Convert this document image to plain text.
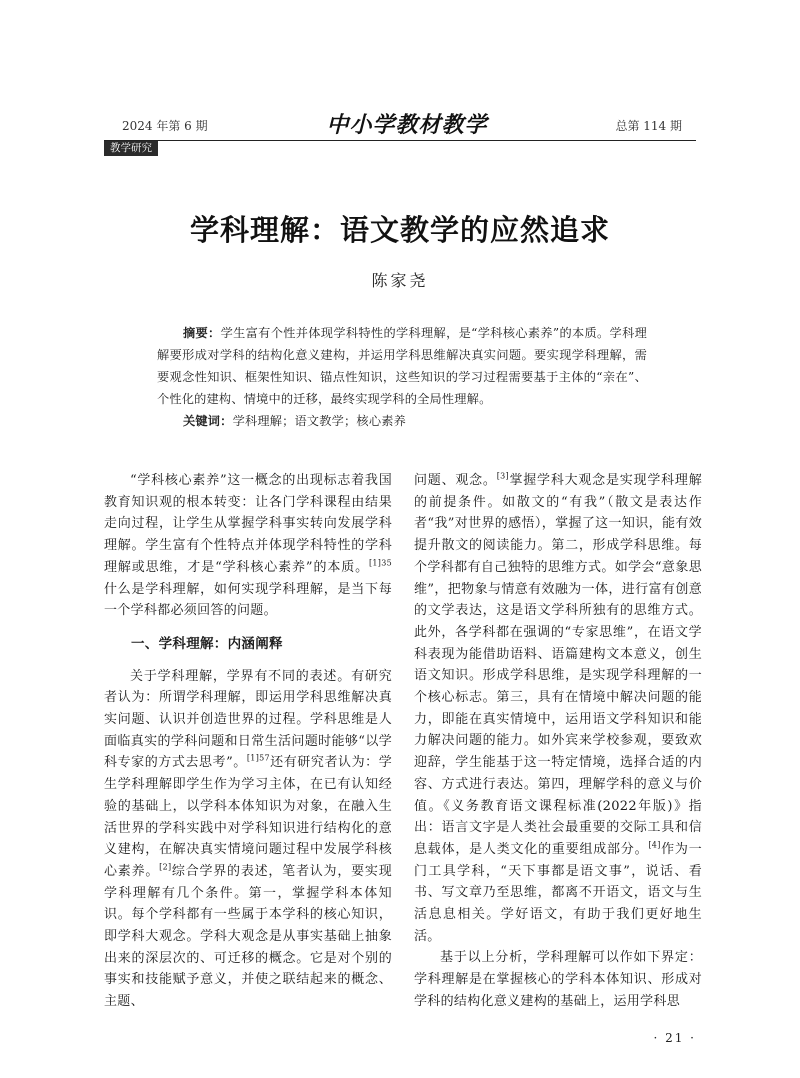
2024 年第 6 期	中小学教材教学	总第 114 期
教学研究
学科理解：语文教学的应然追求
陈家尧

摘要：学生富有个性并体现学科特性的学科理解，是“学科核心素养”的本质。学科理解要形成对学科的结构化意义建构，并运用学科思维解决真实问题。要实现学科理解，需要观念性知识、框架性知识、锚点性知识，这些知识的学习过程需要基于主体的“亲在”、个性化的建构、情境中的迁移，最终实现学科的全局性理解。

关键词：学科理解；语文教学；核心素养

“学科核心素养”这一概念的出现标志着我国教育知识观的根本转变：让各门学科课程由结果走向过程，让学生从掌握学科事实转向发展学科理解。学生富有个性特点并体现学科特性的学科理解或思维，才是“学科核心素养”的本质。$^{[1]35}$什么是学科理解，如何实现学科理解，是当下每一个学科都必须回答的问题。

一、学科理解：内涵阐释

关于学科理解，学界有不同的表述。有研究者认为：所谓学科理解，即运用学科思维解决真实问题、认识并创造世界的过程。学科思维是人面临真实的学科问题和日常生活问题时能够“以学科专家的方式去思考”。$^{[1]57}$还有研究者认为：学生学科理解即学生作为学习主体，在已有认知经验的基础上，以学科本体知识为对象，在融入生活世界的学科实践中对学科知识进行结构化的意义建构，在解决真实情境问题过程中发展学科核心素养。[2]综合学界的表述，笔者认为，要实现学科理解有几个条件。第一，掌握学科本体知识。每个学科都有一些属于本学科的核心知识，即学科大观念。学科大观念是从事实基础上抽象出来的深层次的、可迁移的概念。它是对个别的事实和技能赋予意义，并使之联结起来的概念、主题、

问题、观念。[3]掌握学科大观念是实现学科理解的前提条件。如散文的“有我”（散文是表达作者“我”对世界的感悟），掌握了这一知识，能有效提升散文的阅读能力。第二，形成学科思维。每个学科都有自己独特的思维方式。如学会“意象思维”，把物象与情意有效融为一体，进行富有创意的文学表达，这是语文学科所独有的思维方式。此外，各学科都在强调的“专家思维”，在语文学科表现为能借助语料、语篇建构文本意义，创生语文知识。形成学科思维，是实现学科理解的一个核心标志。第三，具有在情境中解决问题的能力，即能在真实情境中，运用语文学科知识和能力解决问题的能力。如外宾来学校参观，要致欢迎辞，学生能基于这一特定情境，选择合适的内容、方式进行表达。第四，理解学科的意义与价值。《义务教育语文课程标准(2022年版)》指出：语言文字是人类社会最重要的交际工具和信息载体，是人类文化的重要组成部分。[4]作为一门工具学科，“天下事都是语文事”，说话、看书、写文章乃至思维，都离不开语文，语文与生活息息相关。学好语文，有助于我们更好地生活。

基于以上分析，学科理解可以作如下界定：学科理解是在掌握核心的学科本体知识、形成对学科的结构化意义建构的基础上，运用学科思

· 21 ·
